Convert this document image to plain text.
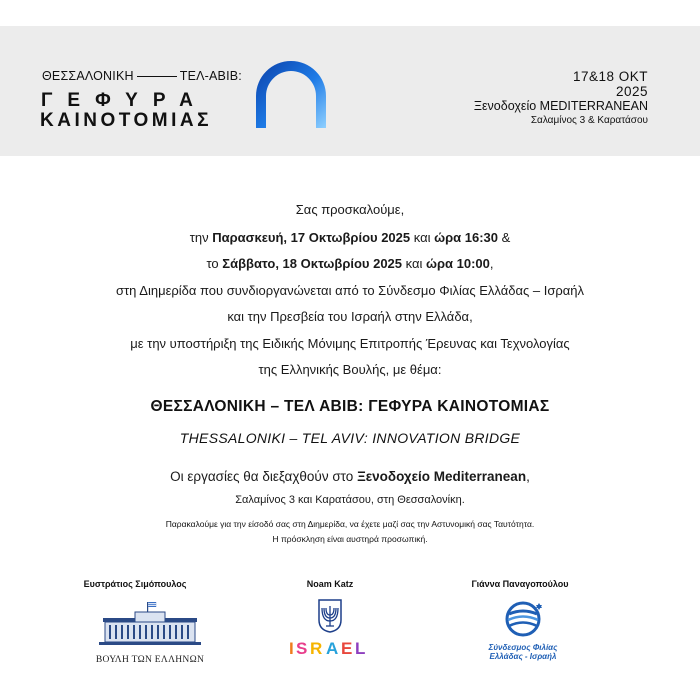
ΘΕΣΣΑΛΟΝΙΚΗ	ΤΕΛ-ΑΒΙΒ:
ΓΕΦΥΡΑ
ΚΑΙΝΟΤΟΜΙΑΣ
17&18 ΟΚΤ
2025
Ξενοδοχείο MEDITERRANEAN
Σαλαμίνος 3 & Καρατάσου
Σας προσκαλούμε,
την Παρασκευή, 17 Οκτωβρίου 2025 και ώρα 16:30 &
το Σάββατο, 18 Οκτωβρίου 2025 και ώρα 10:00,
στη Διημερίδα που συνδιοργανώνεται από το Σύνδεσμο Φιλίας Ελλάδας – Ισραήλ
και την Πρεσβεία του Ισραήλ στην Ελλάδα,
με την υποστήριξη της Ειδικής Μόνιμης Επιτροπής Έρευνας και Τεχνολογίας
της Ελληνικής Βουλής, με θέμα:
ΘΕΣΣΑΛΟΝΙΚΗ – ΤΕΛ ΑΒΙΒ: ΓΕΦΥΡΑ ΚΑΙΝΟΤΟΜΙΑΣ
THESSALONIKI – TEL AVIV: INNOVATION BRIDGE
Οι εργασίες θα διεξαχθούν στο Ξενοδοχείο Mediterranean,
Σαλαμίνος 3 και Καρατάσου, στη Θεσσαλονίκη.
Παρακαλούμε για την είσοδό σας στη Διημερίδα, να έχετε μαζί σας την Αστυνομική σας Ταυτότητα.
Η πρόσκληση είναι αυστηρά προσωπική.
Ευστράτιος Σιμόπουλος	Noam Katz	Γιάννα Παναγοπούλου
ΒΟΥΛΗ ΤΩΝ ΕΛΛΗΝΩΝ
I S R A E L	Σύνδεσμος Φιλίας
Ελλάδας - Ισραήλ
